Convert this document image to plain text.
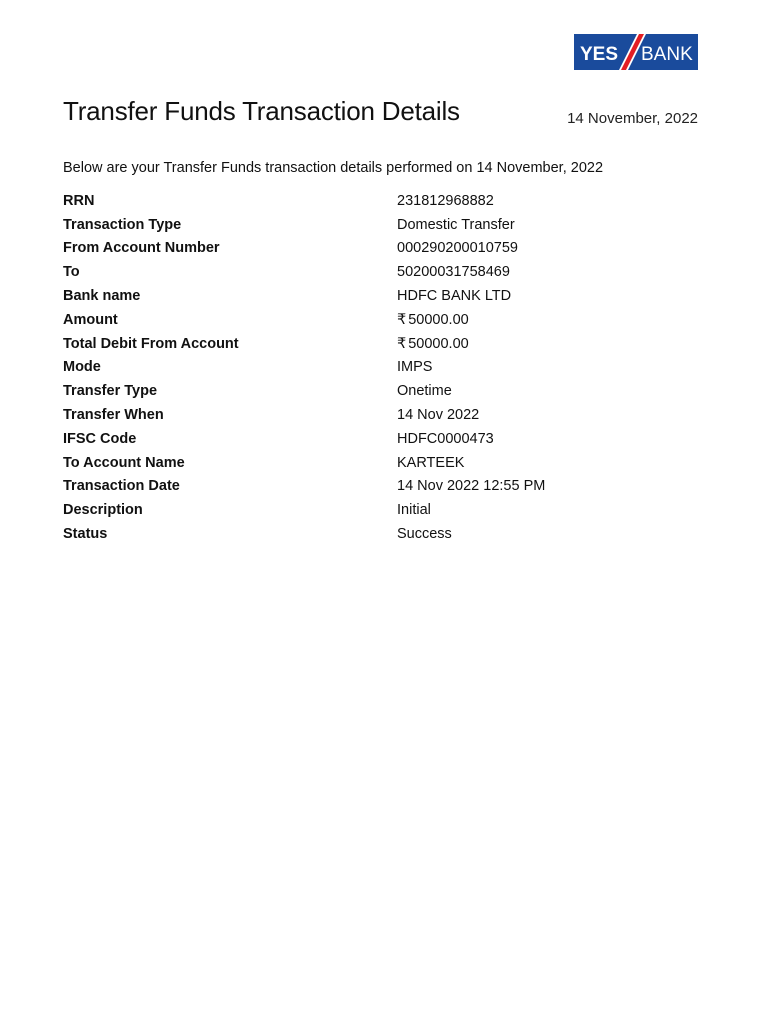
YES BANK
Transfer Funds Transaction Details	14 November, 2022
Below are your Transfer Funds transaction details performed on 14 November, 2022
RRN	231812968882
Transaction Type	Domestic Transfer
From Account Number	000290200010759
To	50200031758469
Bank name	HDFC BANK LTD
Amount	₹ 50000.00
Total Debit From Account	₹ 50000.00
Mode	IMPS
Transfer Type	Onetime
Transfer When	14 Nov 2022
IFSC Code	HDFC0000473
To Account Name	KARTEEK
Transaction Date	14 Nov 2022 12:55 PM
Description	Initial
Status	Success
